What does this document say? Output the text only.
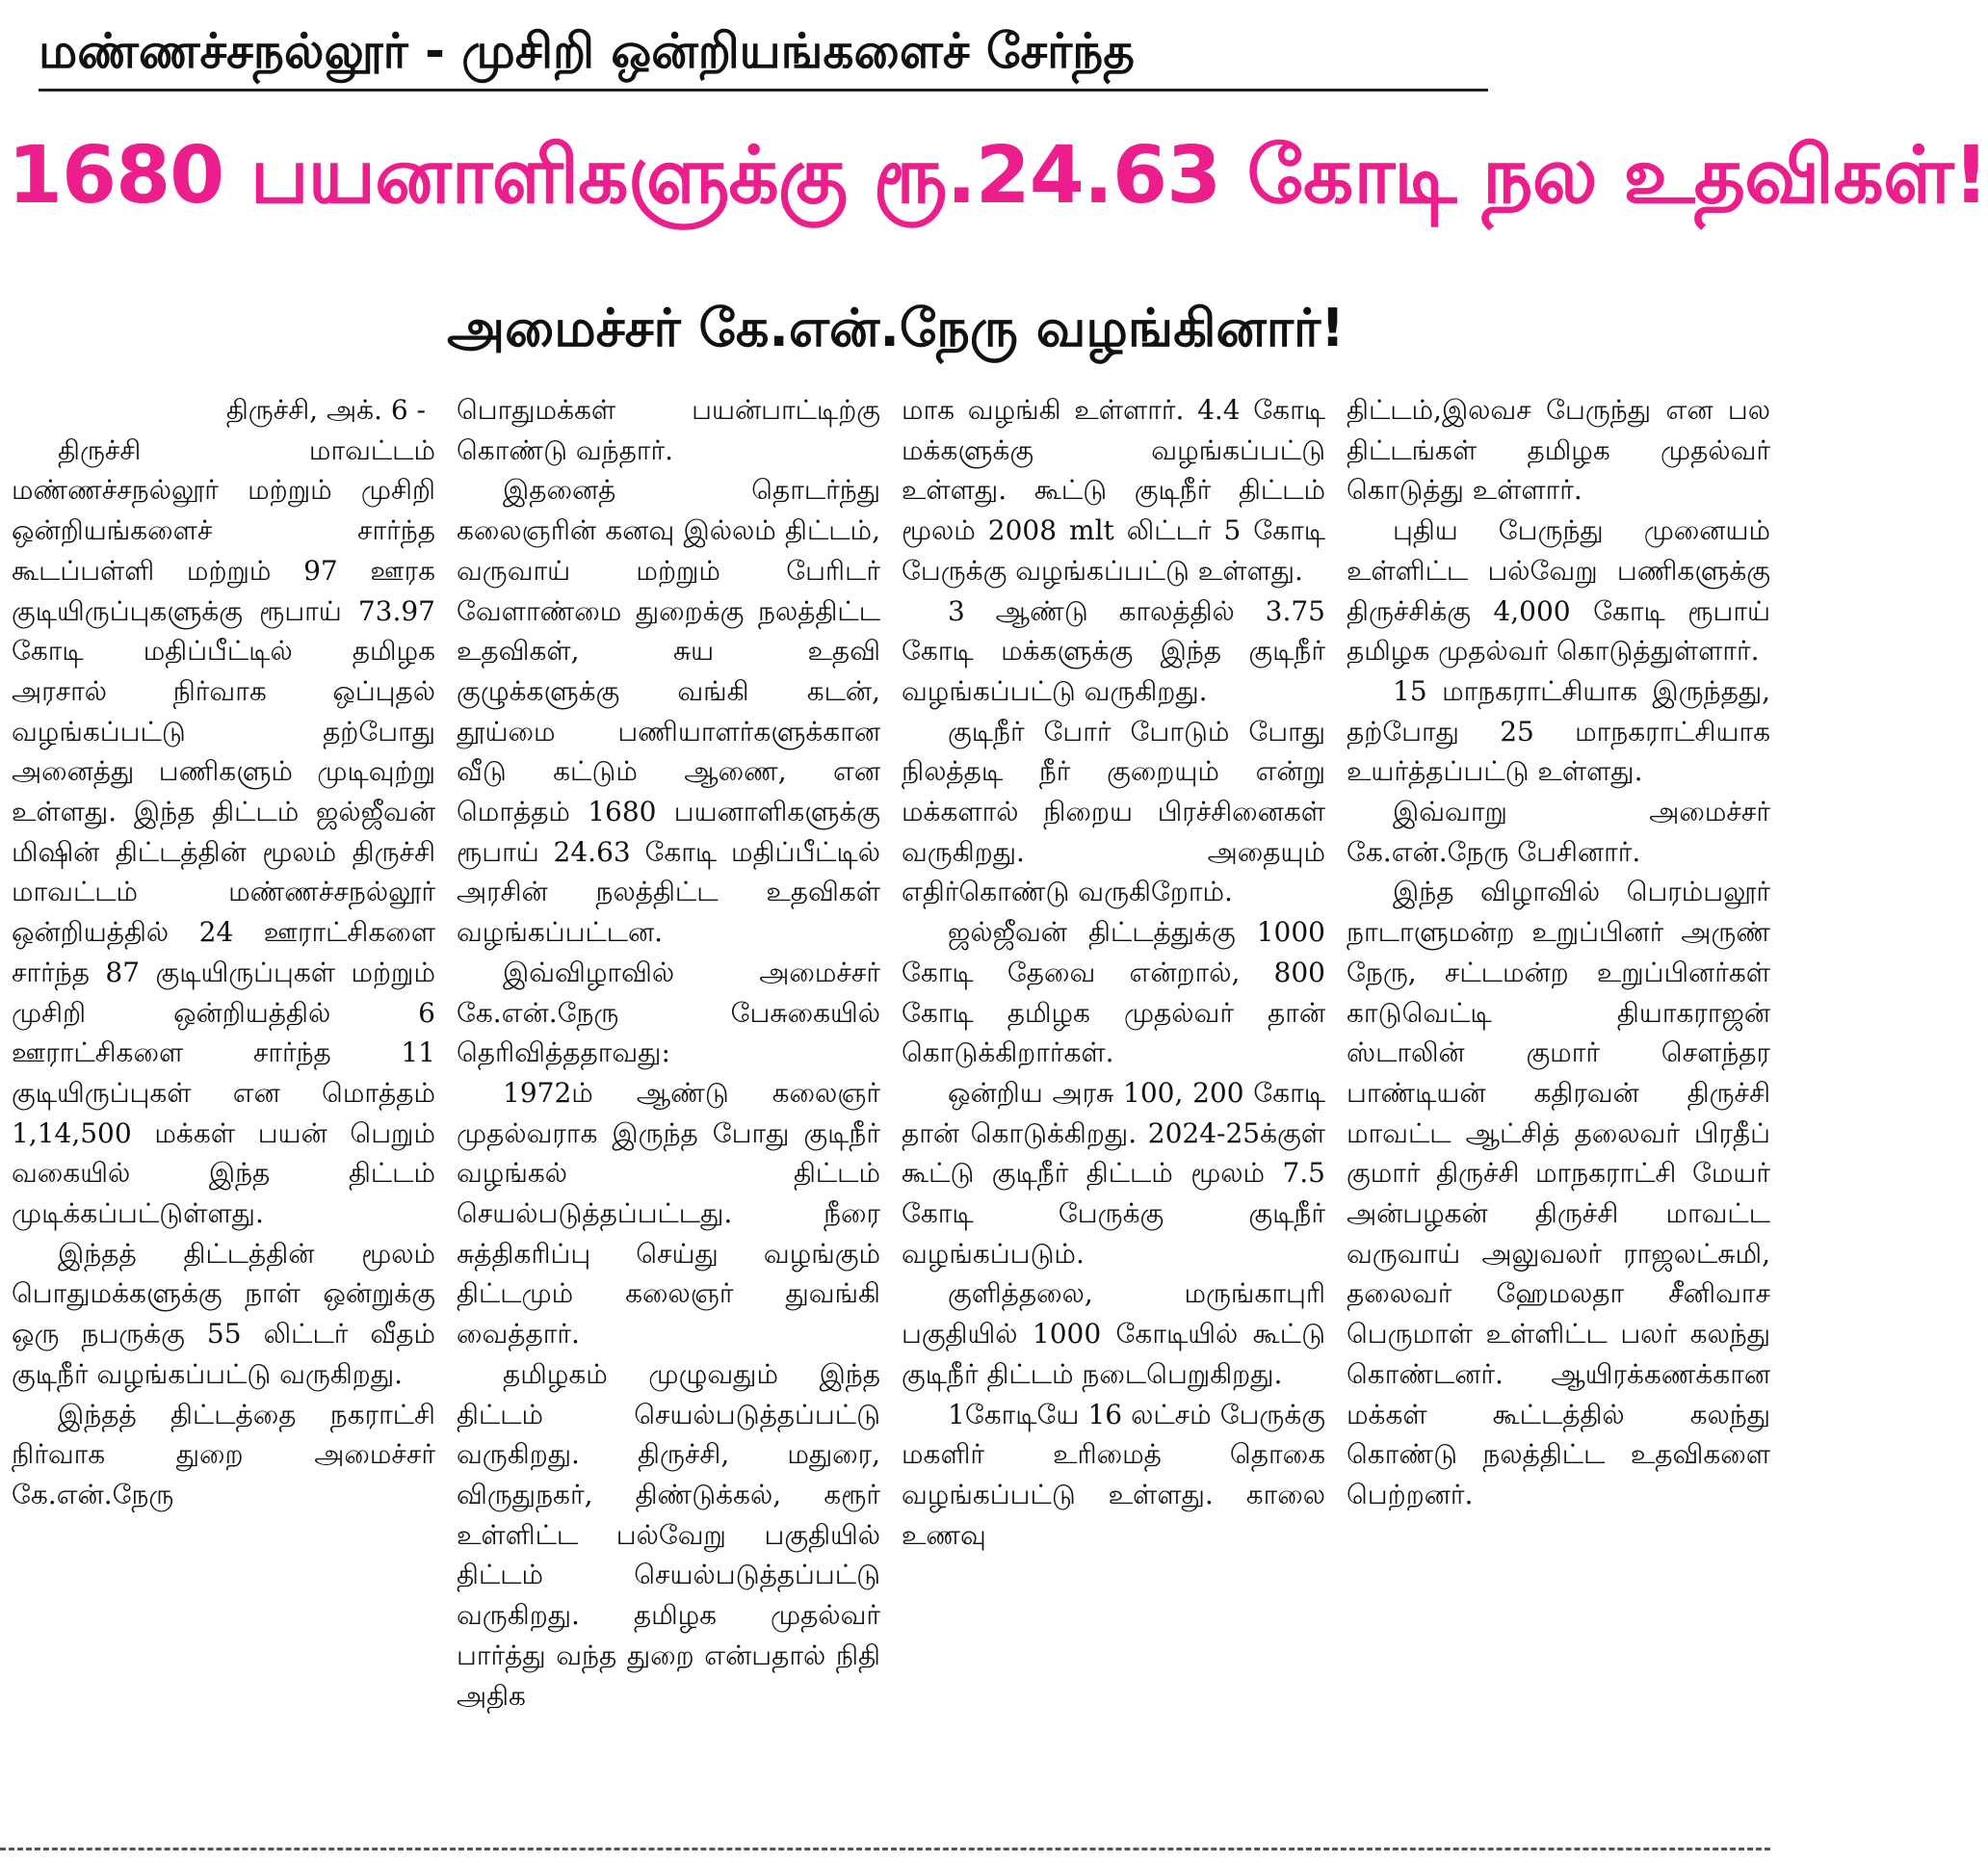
மண்ணச்சநல்லூர் - முசிறி ஒன்றியங்களைச் சேர்ந்த
1680 பயனாளிகளுக்கு ரூ.24.63 கோடி நல உதவிகள்!
அமைச்சர் கே.என்.நேரு வழங்கினார்!

திருச்சி, அக். 6 -

திருச்சி மாவட்டம் மண்ணச்சநல்லூர் மற்றும் முசிறி ஒன்றியங்களைச் சார்ந்த கூடப்பள்ளி மற்றும் 97 ஊரக குடியிருப்புகளுக்கு ரூபாய் 73.97 கோடி மதிப்பீட்டில் தமிழக அரசால் நிர்வாக ஒப்புதல் வழங்கப்பட்டு தற்போது அனைத்து பணிகளும் முடிவுற்று உள்ளது. இந்த திட்டம் ஜல்ஜீவன் மிஷின் திட்டத்தின் மூலம் திருச்சி மாவட்டம் மண்ணச்சநல்லூர் ஒன்றியத்தில் 24 ஊராட்சிகளை சார்ந்த 87 குடியிருப்புகள் மற்றும் முசிறி ஒன்றியத்தில் 6 ஊராட்சிகளை சார்ந்த 11 குடியிருப்புகள் என மொத்தம் 1,14,500 மக்கள் பயன் பெறும் வகையில் இந்த திட்டம் முடிக்கப்பட்டுள்ளது.

இந்தத் திட்டத்தின் மூலம் பொதுமக்களுக்கு நாள் ஒன்றுக்கு ஒரு நபருக்கு 55 லிட்டர் வீதம் குடிநீர் வழங்கப்பட்டு வருகிறது.

இந்தத் திட்டத்தை நகராட்சி நிர்வாக துறை அமைச்சர் கே.என்.நேரு

பொதுமக்கள் பயன்பாட்டிற்கு கொண்டு வந்தார்.

இதனைத் தொடர்ந்து கலைஞரின் கனவு இல்லம் திட்டம், வருவாய் மற்றும் பேரிடர் வேளாண்மை துறைக்கு நலத்திட்ட உதவிகள், சுய உதவி குழுக்களுக்கு வங்கி கடன், தூய்மை பணியாளர்களுக்கான வீடு கட்டும் ஆணை, என மொத்தம் 1680 பயனாளிகளுக்கு ரூபாய் 24.63 கோடி மதிப்பீட்டில் அரசின் நலத்திட்ட உதவிகள் வழங்கப்பட்டன.

இவ்விழாவில் அமைச்சர் கே.என்.நேரு பேசுகையில் தெரிவித்ததாவது:

1972ம் ஆண்டு கலைஞர் முதல்வராக இருந்த போது குடிநீர் வழங்கல் திட்டம் செயல்படுத்தப்பட்டது. நீரை சுத்திகரிப்பு செய்து வழங்கும் திட்டமும் கலைஞர் துவங்கி வைத்தார்.

தமிழகம் முழுவதும் இந்த திட்டம் செயல்படுத்தப்பட்டு வருகிறது. திருச்சி, மதுரை, விருதுநகர், திண்டுக்கல், கரூர் உள்ளிட்ட பல்வேறு பகுதியில் திட்டம் செயல்படுத்தப்பட்டு வருகிறது. தமிழக முதல்வர் பார்த்து வந்த துறை என்பதால் நிதி அதிக

மாக வழங்கி உள்ளார். 4.4 கோடி மக்களுக்கு வழங்கப்பட்டு உள்ளது. கூட்டு குடிநீர் திட்டம் மூலம் 2008 mlt லிட்டர் 5 கோடி பேருக்கு வழங்கப்பட்டு உள்ளது.

3 ஆண்டு காலத்தில் 3.75 கோடி மக்களுக்கு இந்த குடிநீர் வழங்கப்பட்டு வருகிறது.

குடிநீர் போர் போடும் போது நிலத்தடி நீர் குறையும் என்று மக்களால் நிறைய பிரச்சினைகள் வருகிறது. அதையும் எதிர்கொண்டு வருகிறோம்.

ஜல்ஜீவன் திட்டத்துக்கு 1000 கோடி தேவை என்றால், 800 கோடி தமிழக முதல்வர் தான் கொடுக்கிறார்கள்.

ஒன்றிய அரசு 100, 200 கோடி தான் கொடுக்கிறது. 2024-25க்குள் கூட்டு குடிநீர் திட்டம் மூலம் 7.5 கோடி பேருக்கு குடிநீர் வழங்கப்படும்.

குளித்தலை, மருங்காபுரி பகுதியில் 1000 கோடியில் கூட்டு குடிநீர் திட்டம் நடைபெறுகிறது.

1கோடியே 16 லட்சம் பேருக்கு மகளிர் உரிமைத் தொகை வழங்கப்பட்டு உள்ளது. காலை உணவு

திட்டம்,இலவச பேருந்து என பல திட்டங்கள் தமிழக முதல்வர் கொடுத்து உள்ளார்.

புதிய பேருந்து முனையம் உள்ளிட்ட பல்வேறு பணிகளுக்கு திருச்சிக்கு 4,000 கோடி ரூபாய் தமிழக முதல்வர் கொடுத்துள்ளார்.

15 மாநகராட்சியாக இருந்தது, தற்போது 25 மாநகராட்சியாக உயர்த்தப்பட்டு உள்ளது.

இவ்வாறு அமைச்சர் கே.என்.நேரு பேசினார்.

இந்த விழாவில் பெரம்பலூர் நாடாளுமன்ற உறுப்பினர் அருண் நேரு, சட்டமன்ற உறுப்பினர்கள் காடுவெட்டி தியாகராஜன் ஸ்டாலின் குமார் சௌந்தர பாண்டியன் கதிரவன் திருச்சி மாவட்ட ஆட்சித் தலைவர் பிரதீப் குமார் திருச்சி மாநகராட்சி மேயர் அன்பழகன் திருச்சி மாவட்ட வருவாய் அலுவலர் ராஜலட்சுமி, தலைவர் ஹேமலதா சீனிவாச பெருமாள் உள்ளிட்ட பலர் கலந்து கொண்டனர். ஆயிரக்கணக்கான மக்கள் கூட்டத்தில் கலந்து கொண்டு நலத்திட்ட உதவிகளை பெற்றனர்.
